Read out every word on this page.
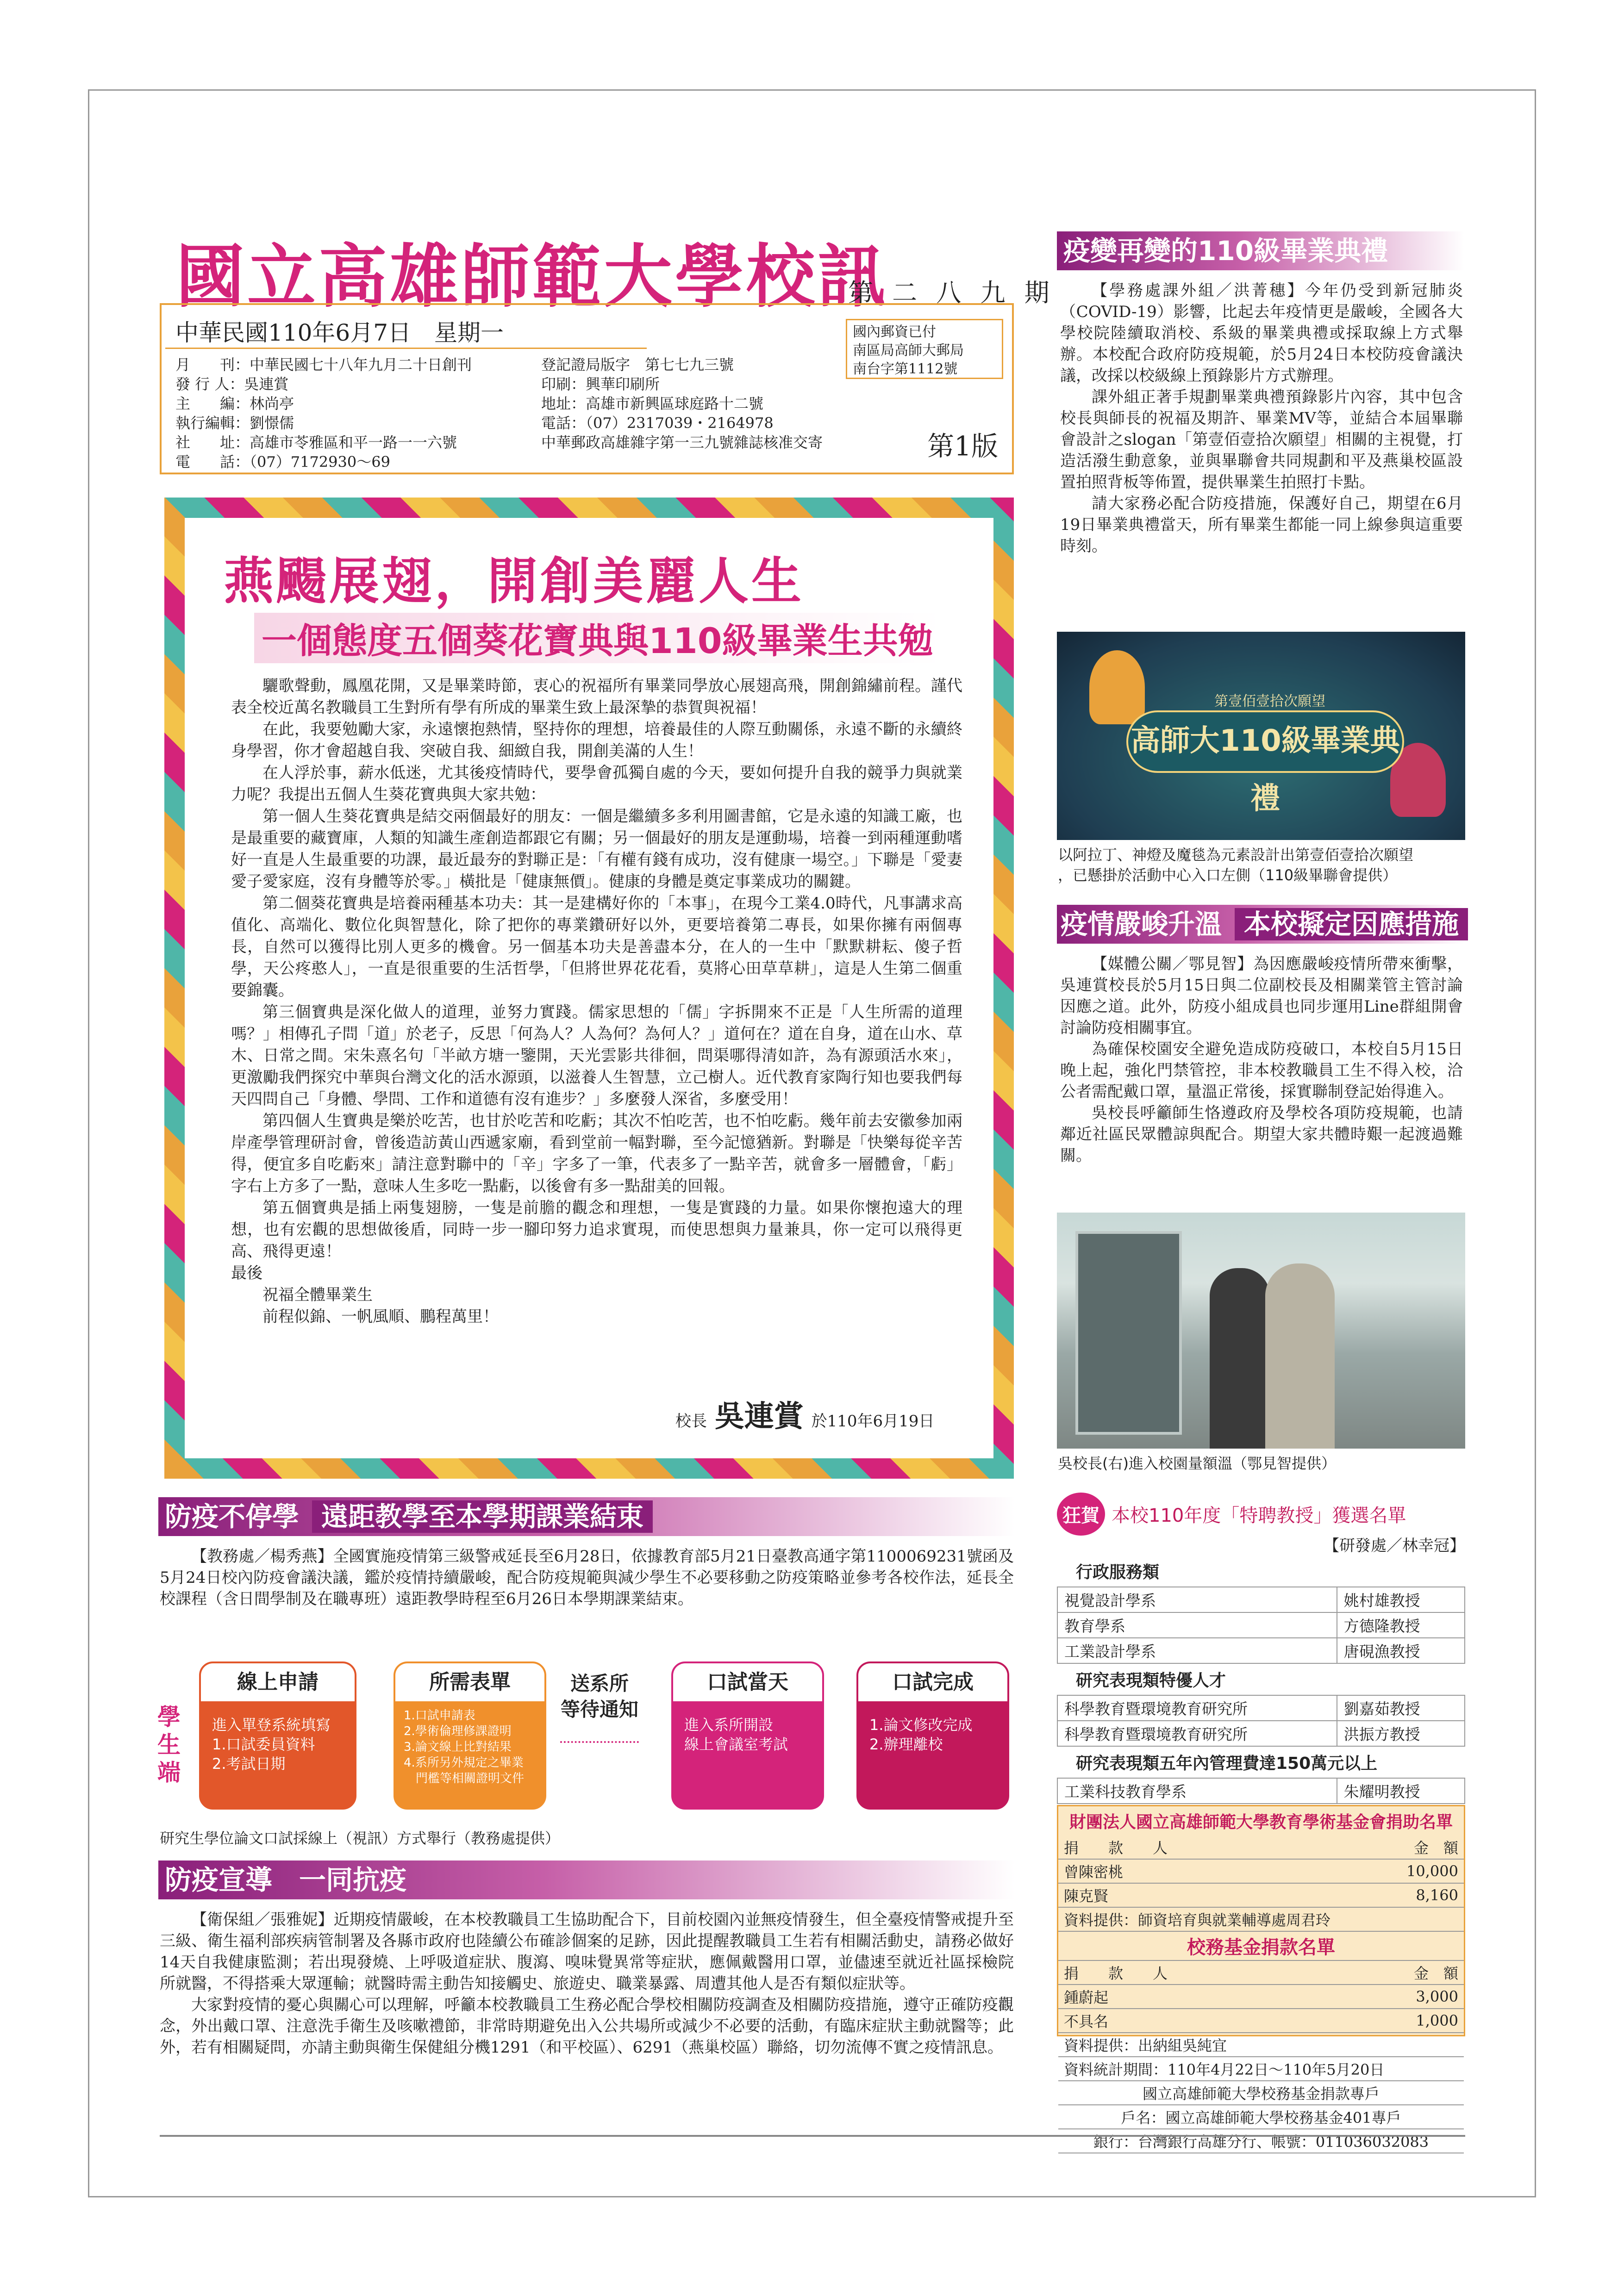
國立高雄師範大學校訊
第 二 八 九 期
中華民國110年6月7日　星期一
月　　刊：中華民國七十八年九月二十日創刊
發 行 人：吳連賞
主　　編：林尚亭
執行編輯：劉憬儒
社　　址：高雄市苓雅區和平一路一一六號
電　　話：（07）7172930～69
登記證局版字　第七七九三號
印刷：興華印刷所
地址：高雄市新興區球庭路十二號
電話：（07）2317039・2164978
中華郵政高雄雜字第一三九號雜誌核准交寄
國內郵資已付
南區局高師大郵局
南台字第1112號
第1版
燕颺展翅，開創美麗人生
一個態度五個葵花寶典與110級畢業生共勉

驪歌聲動，鳳凰花開，又是畢業時節，衷心的祝福所有畢業同學放心展翅高飛，開創錦繡前程。謹代表全校近萬名教職員工生對所有學有所成的畢業生致上最深摯的恭賀與祝福！

在此，我要勉勵大家，永遠懷抱熱情，堅持你的理想，培養最佳的人際互動關係，永遠不斷的永續終身學習，你才會超越自我、突破自我、細緻自我，開創美滿的人生！

在人浮於事，薪水低迷，尤其後疫情時代，要學會孤獨自處的今天，要如何提升自我的競爭力與就業力呢？我提出五個人生葵花寶典與大家共勉：

第一個人生葵花寶典是結交兩個最好的朋友：一個是繼續多多利用圖書館，它是永遠的知識工廠，也是最重要的藏寶庫，人類的知識生產創造都跟它有關；另一個最好的朋友是運動場，培養一到兩種運動嗜好一直是人生最重要的功課，最近最夯的對聯正是：「有權有錢有成功，沒有健康一場空。」下聯是「愛妻愛子愛家庭，沒有身體等於零。」橫批是「健康無價」。健康的身體是奠定事業成功的關鍵。

第二個葵花寶典是培養兩種基本功夫：其一是建構好你的「本事」，在現今工業4.0時代，凡事講求高值化、高端化、數位化與智慧化，除了把你的專業鑽研好以外，更要培養第二專長，如果你擁有兩個專長，自然可以獲得比別人更多的機會。另一個基本功夫是善盡本分，在人的一生中「默默耕耘、傻子哲學，天公疼憨人」，一直是很重要的生活哲學，「但將世界花花看，莫將心田草草耕」，這是人生第二個重要錦囊。

第三個寶典是深化做人的道理，並努力實踐。儒家思想的「儒」字拆開來不正是「人生所需的道理嗎？」相傳孔子問「道」於老子，反思「何為人？人為何？為何人？」道何在？道在自身，道在山水、草木、日常之間。宋朱熹名句「半畝方塘一鑒開，天光雲影共徘徊，問渠哪得清如許，為有源頭活水來」，更激勵我們探究中華與台灣文化的活水源頭，以滋養人生智慧，立己樹人。近代教育家陶行知也要我們每天四問自己「身體、學問、工作和道德有沒有進步？」多麼發人深省，多麼受用！

第四個人生寶典是樂於吃苦，也甘於吃苦和吃虧；其次不怕吃苦，也不怕吃虧。幾年前去安徽參加兩岸產學管理研討會，曾後造訪黃山西遞家廟，看到堂前一幅對聯，至今記憶猶新。對聯是「快樂每從辛苦得，便宜多自吃虧來」請注意對聯中的「辛」字多了一筆，代表多了一點辛苦，就會多一層體會，「虧」字右上方多了一點，意味人生多吃一點虧，以後會有多一點甜美的回報。

第五個寶典是插上兩隻翅膀，一隻是前膽的觀念和理想，一隻是實踐的力量。如果你懷抱遠大的理想，也有宏觀的思想做後盾，同時一步一腳印努力追求實現，而使思想與力量兼具，你一定可以飛得更高、飛得更遠！

最後

祝福全體畢業生

前程似錦、一帆風順、鵬程萬里！

校長 吳連賞 於110年6月19日
疫變再變的110級畢業典禮

【學務處課外組／洪菁穗】今年仍受到新冠肺炎（COVID-19）影響，比起去年疫情更是嚴峻，全國各大學校院陸續取消校、系級的畢業典禮或採取線上方式舉辦。本校配合政府防疫規範，於5月24日本校防疫會議決議，改採以校級線上預錄影片方式辦理。

課外組正著手規劃畢業典禮預錄影片內容，其中包含校長與師長的祝福及期許、畢業MV等，並結合本屆畢聯會設計之slogan「第壹佰壹拾次願望」相關的主視覺，打造活潑生動意象，並與畢聯會共同規劃和平及燕巢校區設置拍照背板等佈置，提供畢業生拍照打卡點。

請大家務必配合防疫措施，保護好自己，期望在6月19日畢業典禮當天，所有畢業生都能一同上線參與這重要時刻。

第壹佰壹拾次願望
高師大110級畢業典禮
以阿拉丁、神燈及魔毯為元素設計出第壹佰壹拾次願望
，已懸掛於活動中心入口左側（110級畢聯會提供）
疫情嚴峻升溫 本校擬定因應措施

【媒體公關／鄂見智】為因應嚴峻疫情所帶來衝擊，吳連賞校長於5月15日與二位副校長及相關業管主管討論因應之道。此外，防疫小組成員也同步運用Line群組開會討論防疫相關事宜。

為確保校園安全避免造成防疫破口，本校自5月15日晚上起，強化門禁管控，非本校教職員工生不得入校，洽公者需配戴口罩，量溫正常後，採實聯制登記始得進入。

吳校長呼籲師生恪遵政府及學校各項防疫規範，也請鄰近社區民眾體諒與配合。期望大家共體時艱一起渡過難關。

吳校長(右)進入校園量額溫（鄂見智提供）
狂賀 本校110年度「特聘教授」獲選名單
【研發處／林幸冠】
行政服務類	
視覺設計學系	姚村雄教授
教育學系	方德隆教授
工業設計學系	唐硯漁教授
研究表現類特優人才	
科學教育暨環境教育研究所	劉嘉茹教授
科學教育暨環境教育研究所	洪振方教授
研究表現類五年內管理費達150萬元以上	
工業科技教育學系	朱耀明教授
財團法人國立高雄師範大學教育學術基金會捐助名單
捐　　款　　人	金　額
曾陳密桃	10,000
陳克賢	8,160
資料提供：師資培育與就業輔導處周君玲	
校務基金捐款名單	
捐　　款　　人	金　額
鍾蔚起	3,000
不具名	1,000
資料提供：出納組吳純宜	
資料統計期間：110年4月22日～110年5月20日	
國立高雄師範大學校務基金捐款專戶	
戶名：國立高雄師範大學校務基金401專戶	
銀行：台灣銀行高雄分行、帳號：011036032083	
防疫不停學 遠距教學至本學期課業結束

【教務處／楊秀燕】全國實施疫情第三級警戒延長至6月28日，依據教育部5月21日臺教高通字第1100069231號函及5月24日校內防疫會議決議，鑑於疫情持續嚴峻，配合防疫規範與減少學生不必要移動之防疫策略並參考各校作法，延長全校課程（含日間學制及在職專班）遠距教學時程至6月26日本學期課業結束。

學生端
線上申請
進入單登系統填寫
1.口試委員資料
2.考試日期
所需表單
1.口試申請表
2.學術倫理修課證明
3.論文線上比對結果
4.系所另外規定之畢業
　門檻等相關證明文件
送系所
等待通知
口試當天
進入系所開設
線上會議室考試
口試完成
1.論文修改完成
2.辦理離校
研究生學位論文口試採線上（視訊）方式舉行（教務處提供）
防疫宣導　一同抗疫

【衛保組／張雅妮】近期疫情嚴峻，在本校教職員工生協助配合下，目前校園內並無疫情發生，但全臺疫情警戒提升至三級、衛生福利部疾病管制署及各縣市政府也陸續公布確診個案的足跡，因此提醒教職員工生若有相關活動史，請務必做好14天自我健康監測；若出現發燒、上呼吸道症狀、腹瀉、嗅味覺異常等症狀，應佩戴醫用口罩，並儘速至就近社區採檢院所就醫，不得搭乘大眾運輸；就醫時需主動告知接觸史、旅遊史、職業暴露、周遭其他人是否有類似症狀等。

大家對疫情的憂心與關心可以理解，呼籲本校教職員工生務必配合學校相關防疫調查及相關防疫措施，遵守正確防疫觀念，外出戴口罩、注意洗手衛生及咳嗽禮節，非常時期避免出入公共場所或減少不必要的活動，有臨床症狀主動就醫等；此外，若有相關疑問，亦請主動與衛生保健組分機1291（和平校區）、6291（燕巢校區）聯絡，切勿流傳不實之疫情訊息。
